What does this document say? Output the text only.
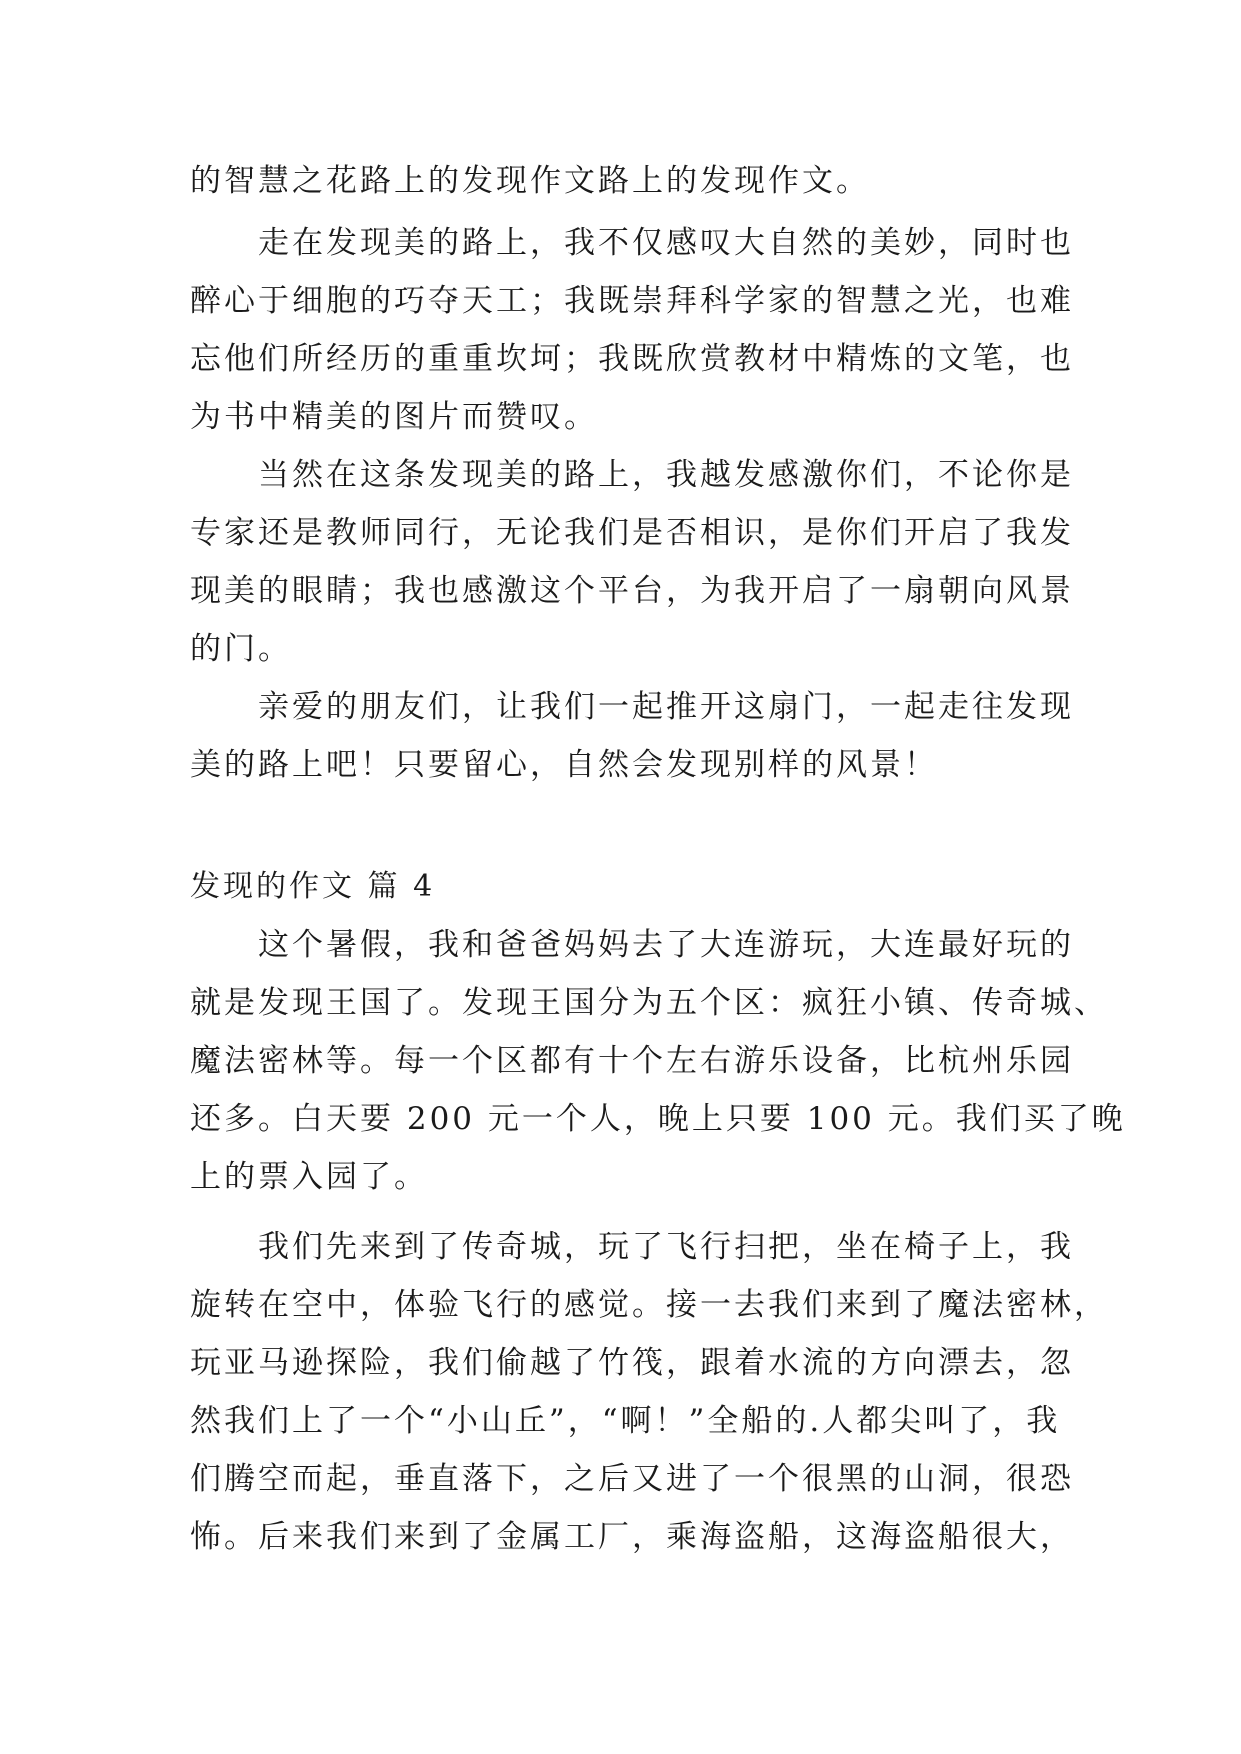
的智慧之花路上的发现作文路上的发现作文。
走在发现美的路上，我不仅感叹大自然的美妙，同时也
醉心于细胞的巧夺天工；我既崇拜科学家的智慧之光，也难
忘他们所经历的重重坎坷；我既欣赏教材中精炼的文笔，也
为书中精美的图片而赞叹。
当然在这条发现美的路上，我越发感激你们，不论你是
专家还是教师同行，无论我们是否相识，是你们开启了我发
现美的眼睛；我也感激这个平台，为我开启了一扇朝向风景
的门。
亲爱的朋友们，让我们一起推开这扇门，一起走往发现
美的路上吧！只要留心，自然会发现别样的风景！
发现的作文 篇 4
这个暑假，我和爸爸妈妈去了大连游玩，大连最好玩的
就是发现王国了。发现王国分为五个区：疯狂小镇、传奇城、
魔法密林等。每一个区都有十个左右游乐设备，比杭州乐园
还多。白天要 200 元一个人，晚上只要 100 元。我们买了晚
上的票入园了。
我们先来到了传奇城，玩了飞行扫把，坐在椅子上，我
旋转在空中，体验飞行的感觉。接一去我们来到了魔法密林，
玩亚马逊探险，我们偷越了竹筏，跟着水流的方向漂去，忽
然我们上了一个“小山丘”，“啊！”全船的.人都尖叫了，我
们腾空而起，垂直落下，之后又进了一个很黑的山洞，很恐
怖。后来我们来到了金属工厂，乘海盗船，这海盗船很大，
